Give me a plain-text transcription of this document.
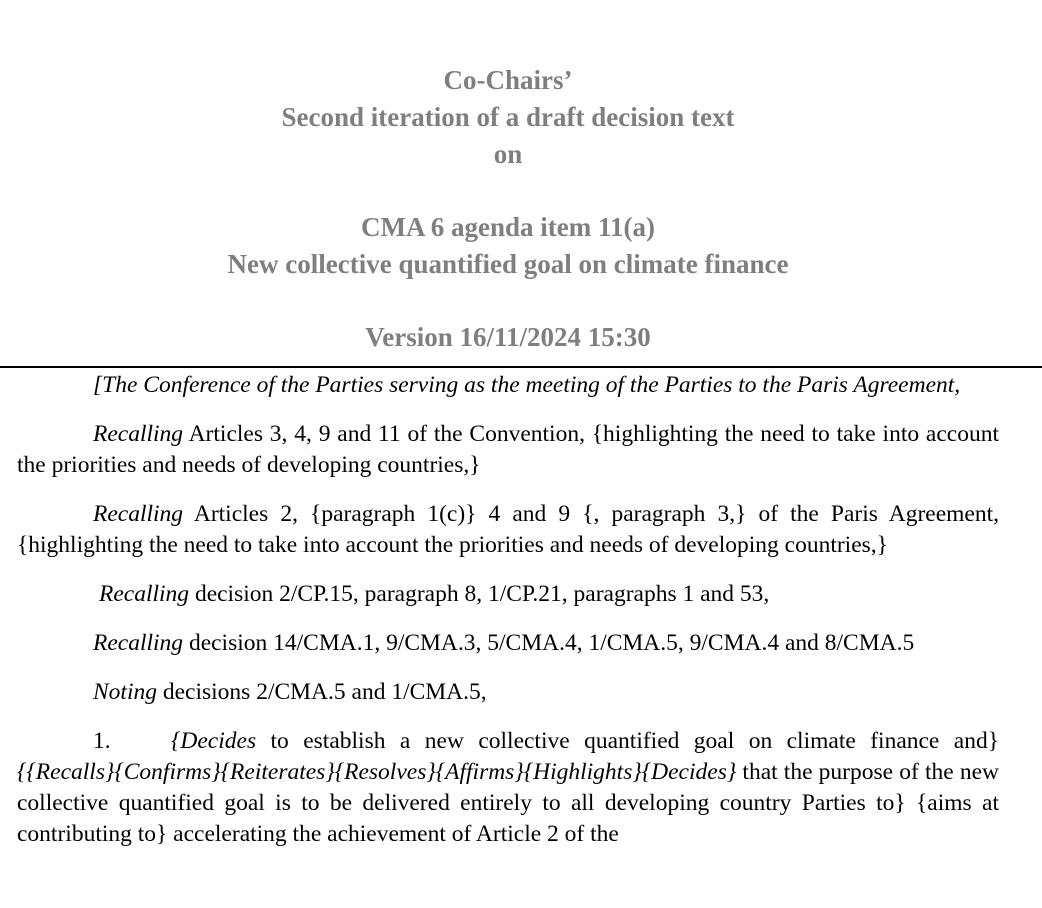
Co-Chairs’
Second iteration of a draft decision text
on
CMA 6 agenda item 11(a)
New collective quantified goal on climate finance
Version 16/11/2024 15:30

[The Conference of the Parties serving as the meeting of the Parties to the Paris Agreement,

Recalling Articles 3, 4, 9 and 11 of the Convention, {highlighting the need to take into account the priorities and needs of developing countries,}

Recalling Articles 2, {paragraph 1(c)} 4 and 9 {, paragraph 3,} of the Paris Agreement, {highlighting the need to take into account the priorities and needs of developing countries,}

Recalling decision 2/CP.15, paragraph 8, 1/CP.21, paragraphs 1 and 53,

Recalling decision 14/CMA.1, 9/CMA.3, 5/CMA.4, 1/CMA.5, 9/CMA.4 and 8/CMA.5

Noting decisions 2/CMA.5 and 1/CMA.5,

1.	{Decides to establish a new collective quantified goal on climate finance and}{{Recalls}{Confirms}{Reiterates}{Resolves}{Affirms}{Highlights}{Decides} that the purpose of the new collective quantified goal is to be delivered entirely to all developing country Parties to} {aims at contributing to} accelerating the achievement of Article 2 of the
